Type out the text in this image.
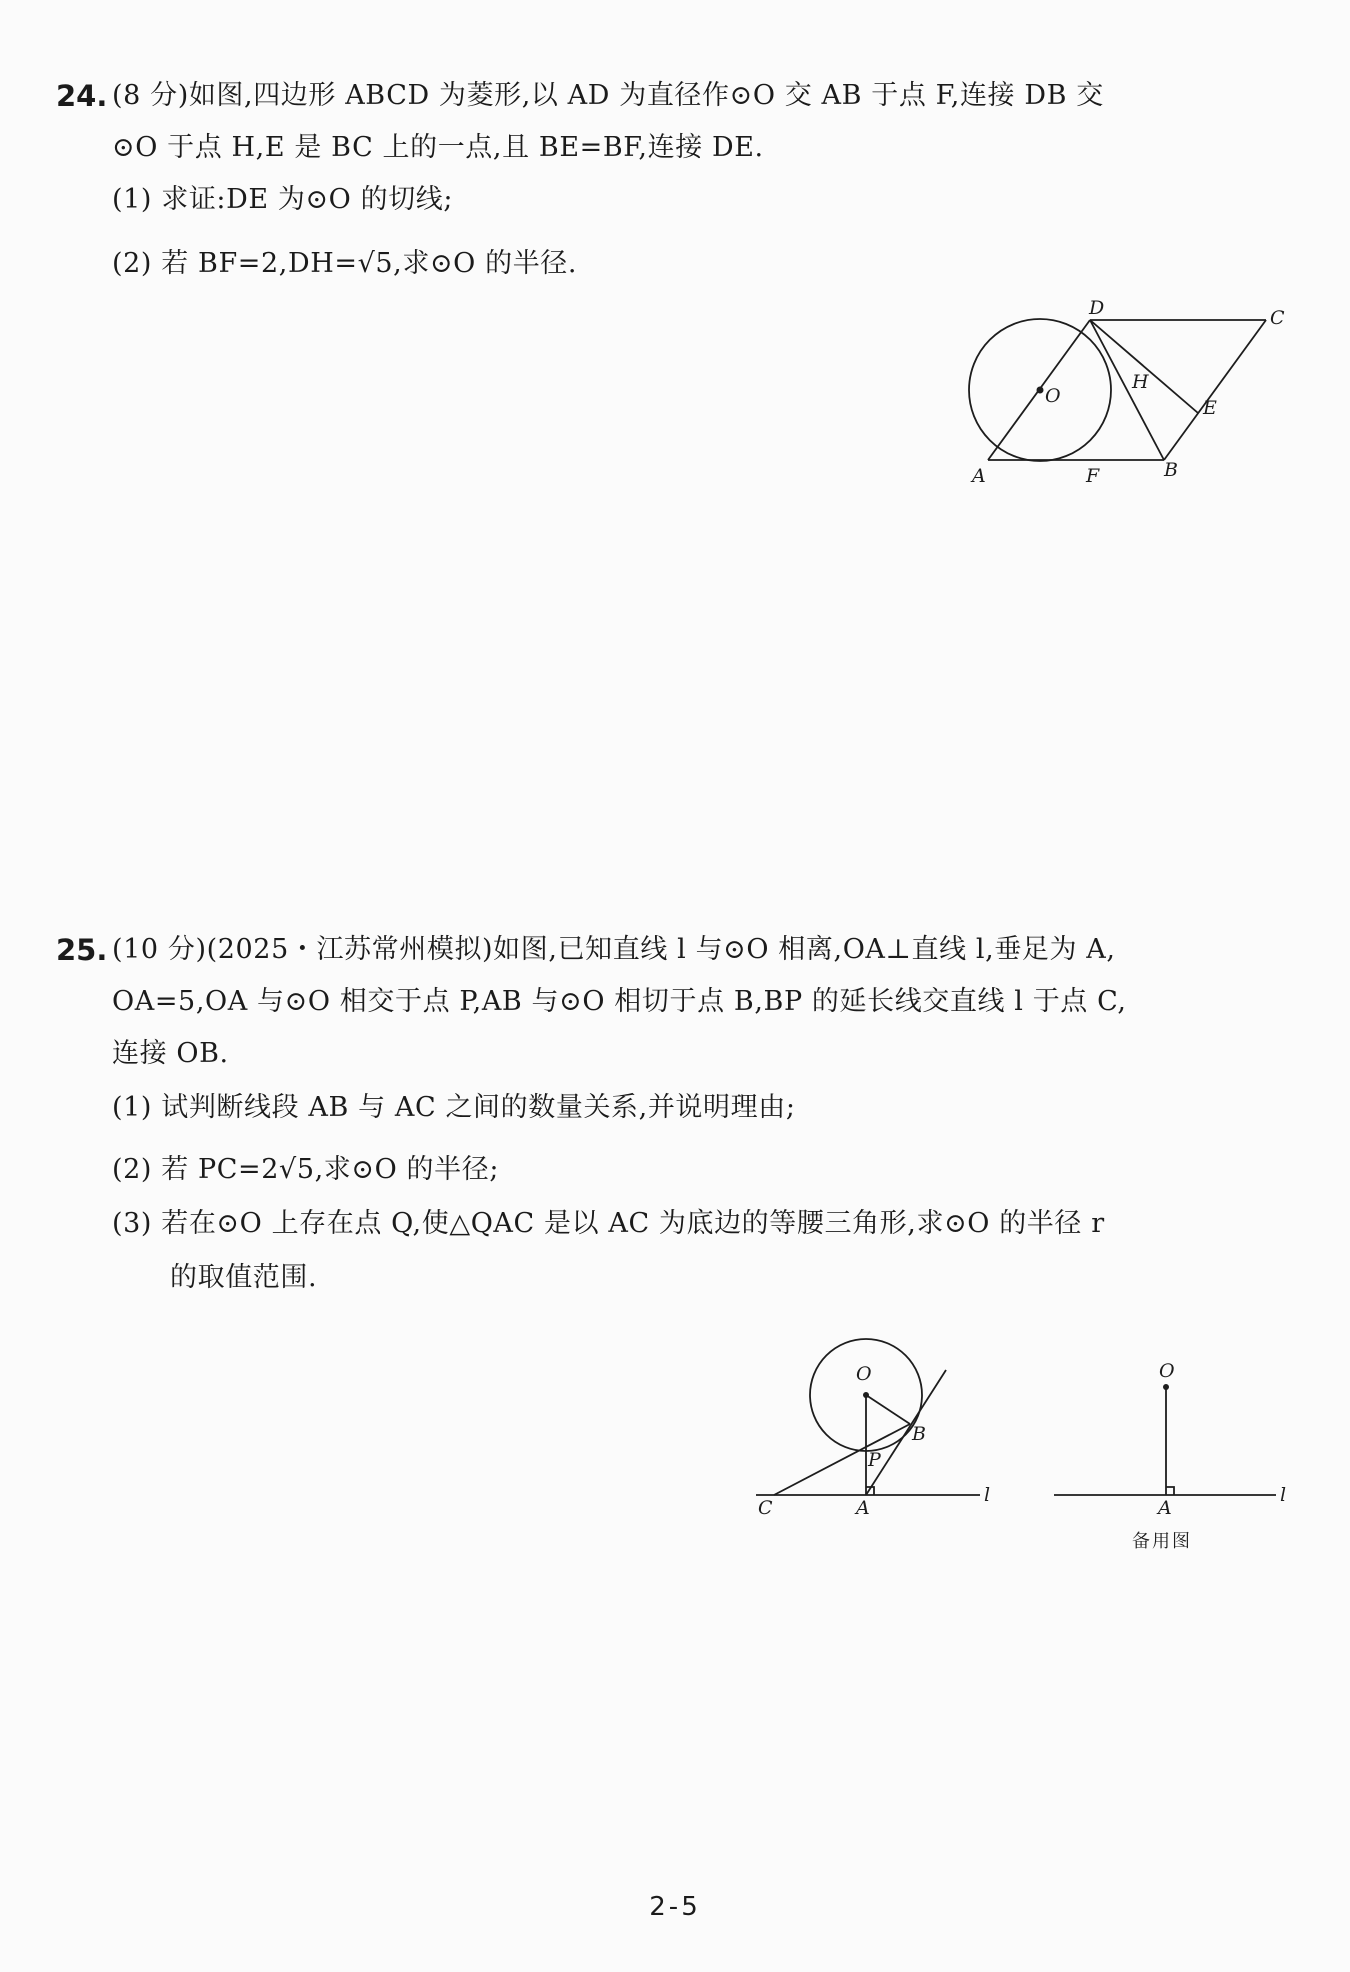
24. (8 分)如图,四边形 ABCD 为菱形,以 AD 为直径作⊙O 交 AB 于点 F,连接 DB 交
⊙O 于点 H,E 是 BC 上的一点,且 BE=BF,连接 DE.
(1) 求证:DE 为⊙O 的切线;
(2) 若 BF=2,DH=√5,求⊙O 的半径.
D	C
O
H
E
A	F	B
25. (10 分)(2025・江苏常州模拟)如图,已知直线 l 与⊙O 相离,OA⊥直线 l,垂足为 A,
OA=5,OA 与⊙O 相交于点 P,AB 与⊙O 相切于点 B,BP 的延长线交直线 l 于点 C,
连接 OB.
(1) 试判断线段 AB 与 AC 之间的数量关系,并说明理由;
(2) 若 PC=2√5,求⊙O 的半径;
(3) 若在⊙O 上存在点 Q,使△QAC 是以 AC 为底边的等腰三角形,求⊙O 的半径 r
的取值范围.
O
B
P
C	A
l
O
A
l
备用图
2-5
